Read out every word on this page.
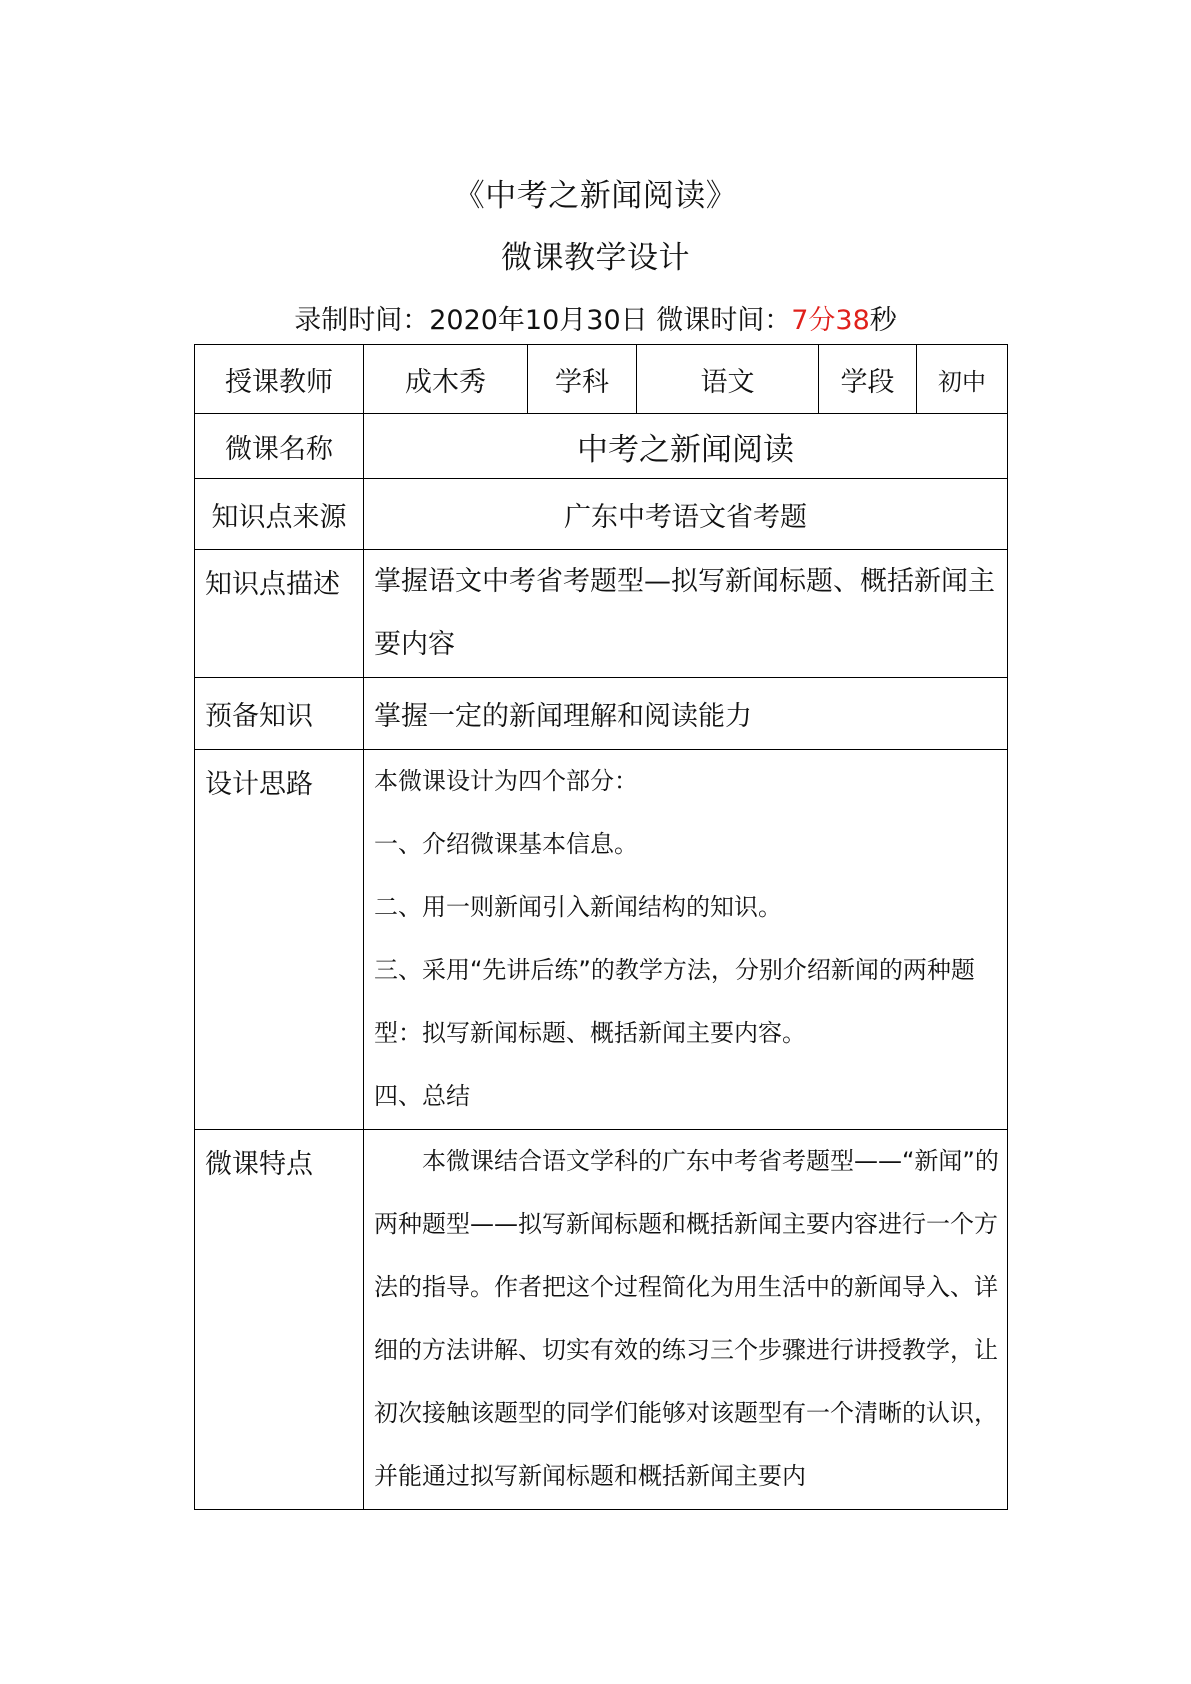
《中考之新闻阅读》
微课教学设计
录制时间：2020年10月30日 微课时间：7分38秒
授课教师	成木秀	学科	语文	学段	初中
微课名称	中考之新闻阅读				
知识点来源	广东中考语文省考题				
知识点描述	掌握语文中考省考题型—拟写新闻标题、概括新闻主要内容				
预备知识	掌握一定的新闻理解和阅读能力				
设计思路	本微课设计为四个部分：
一、介绍微课基本信息。
二、用一则新闻引入新闻结构的知识。
三、采用“先讲后练”的教学方法，分别介绍新闻的两种题型：拟写新闻标题、概括新闻主要内容。
四、总结				

微课特点	本微课结合语文学科的广东中考省考题型——“新闻”的两种题型——拟写新闻标题和概括新闻主要内容进行一个方法的指导。作者把这个过程简化为用生活中的新闻导入、详细的方法讲解、切实有效的练习三个步骤进行讲授教学，让初次接触该题型的同学们能够对该题型有一个清晰的认识，并能通过拟写新闻标题和概括新闻主要内				
